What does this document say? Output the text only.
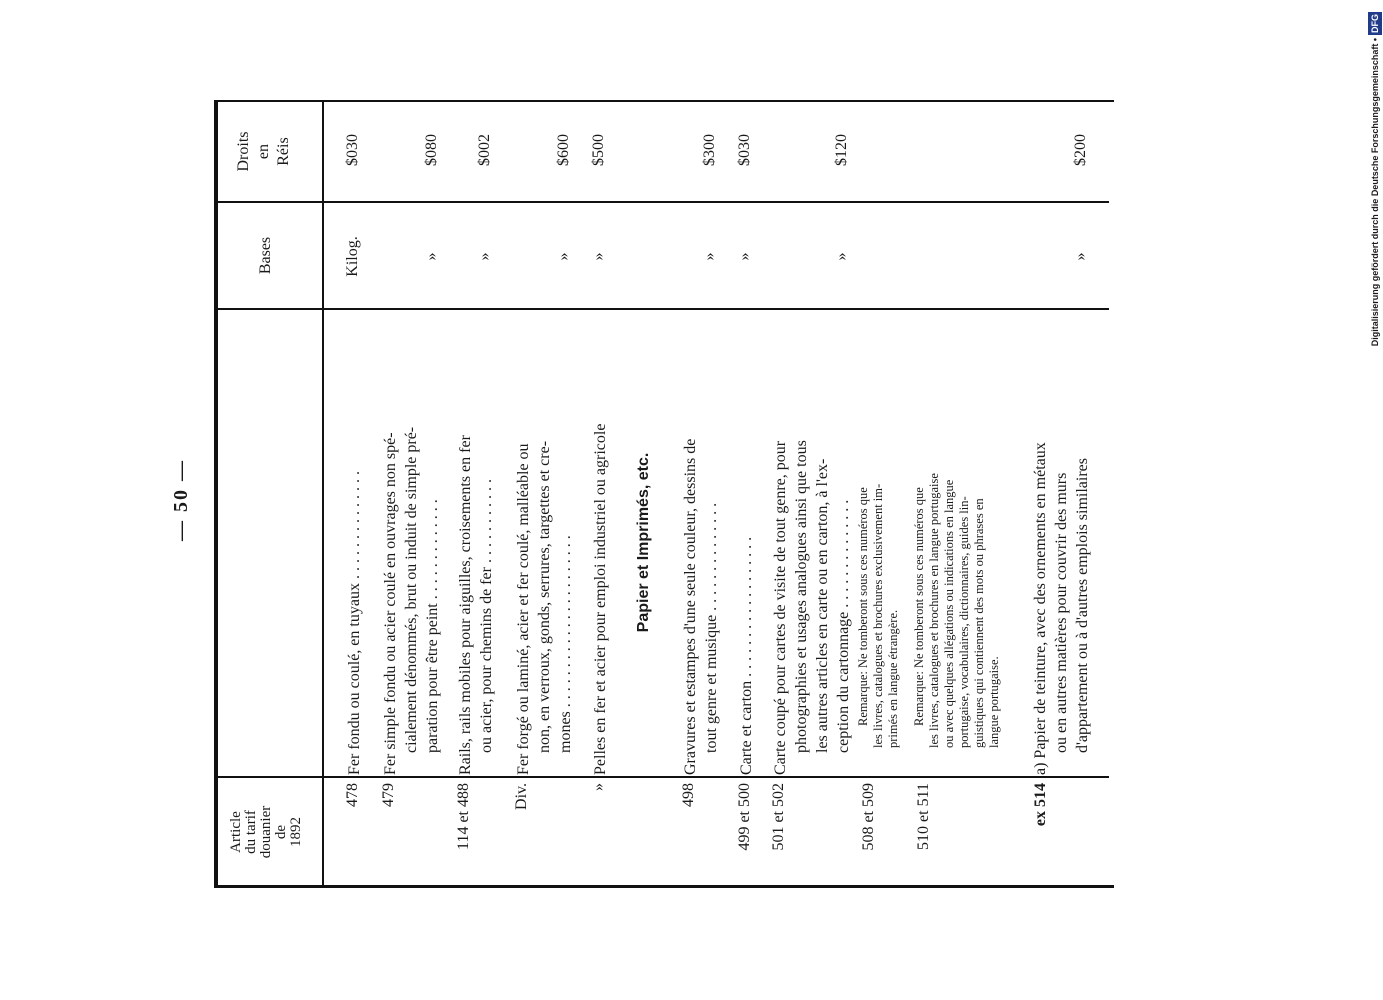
— 50 —
Article du tarif douanier de 1892
Bases
Droits en Réis
478
Fer fondu ou coulé, en tuyaux . . . . . . . . . . . . . .
Kilog.
$030
479
Fer simple fondu ou acier coulé en ouvrages non spé- cialement dénommés, brut ou induit de simple pré- paration pour être peint . . . . . . . . . . . . .
»
$080
114 et 488
Rails, rails mobiles pour aiguilles, croisements en fer ou acier, pour chemins de fer . . . . . . . . . . .
»
$002
Div.
Fer forgé ou laminé, acier et fer coulé, malléable ou non, en verroux, gonds, serrures, targettes et cre- mones . . . . . . . . . . . . . . . . . . . . . .
»
$600
»
Pelles en fer et acier pour emploi industriel ou agricole
»
$500
Papier et Imprimés, etc.
498
Gravures et estampes d'une seule couleur, dessins de tout genre et musique . . . . . . . . . . . . . .
»
$300
499 et 500
Carte et carton . . . . . . . . . . . . . . . . . .
»
$030
501 et 502
Carte coupé pour cartes de visite de tout genre, pour photographies et usages analogues ainsi que tous les autres articles en carte ou en carton, à l'ex- ception du cartonnage . . . . . . . . . . . . . .
»
$120
508 et 509
Remarque: Ne tomberont sous ces numéros que les livres, catalogues et brochures exclusivement im- primés en langue étrangère.
510 et 511
Remarque: Ne tomberont sous ces numéros que les livres, catalogues et brochures en langue portugaise ou avec quelques allégations ou indications en langue portugaise, vocabulaires, dictionnaires, guides lin- guistiques qui contiennent des mots ou phrases en langue portugaise.
ex 514
a) Papier de teinture, avec des ornements en métaux ou en autres matières pour couvrir des murs d'appartement ou à d'autres emplois similaires
»
$200	Digitalisierung gefördert durch die Deutsche Forschungsgemeinschaft •DFG
